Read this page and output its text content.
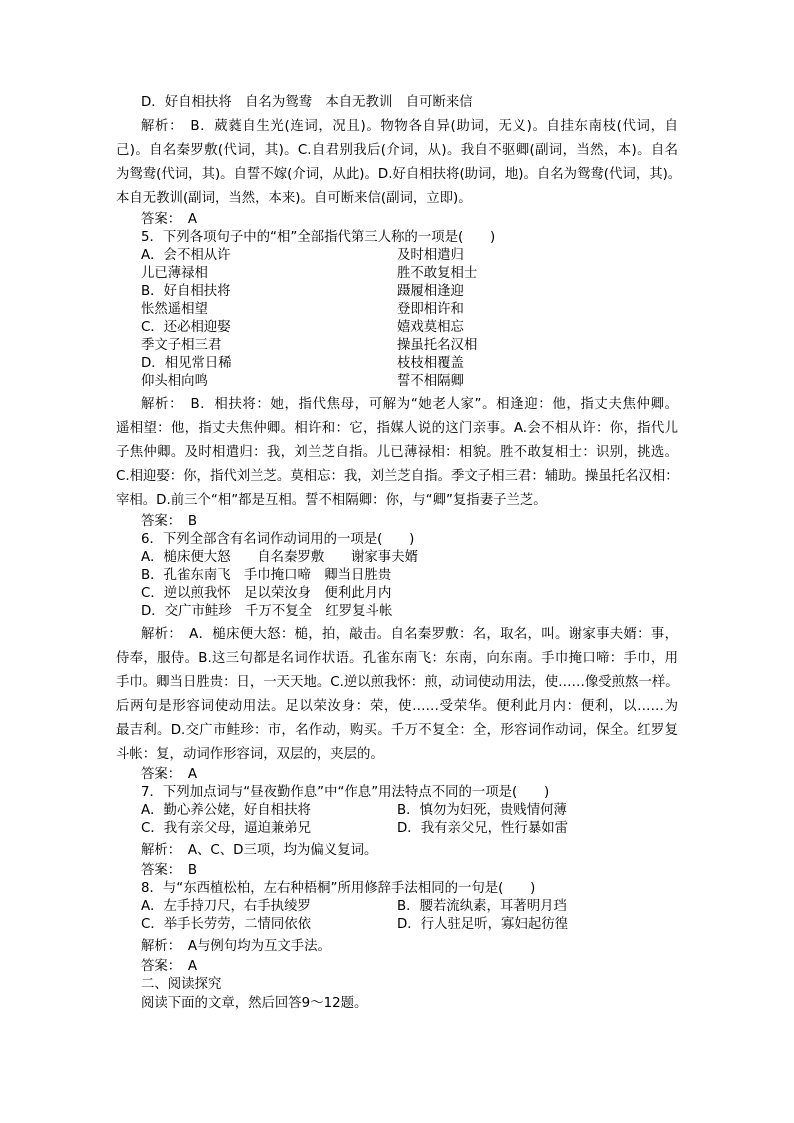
D．好自相扶将　自名为鸳鸯　本自无教训　自可断来信
解析：　B．葳蕤自生光(连词，况且)。物物各自异(助词，无义)。自挂东南枝(代词，自
己)。自名秦罗敷(代词，其)。C.自君别我后(介词，从)。我自不驱卿(副词，当然，本)。自名
为鸳鸯(代词，其)。自誓不嫁(介词，从此)。D.好自相扶将(助词，地)。自名为鸳鸯(代词，其)。
本自无教训(副词，当然，本来)。自可断来信(副词，立即)。
答案：　A
5．下列各项句子中的“相”全部指代第三人称的一项是(　　)
A．会不相从许	及时相遣归
儿已薄禄相	胜不敢复相士
B．好自相扶将	蹑履相逢迎
怅然遥相望	登即相许和
C．还必相迎娶	嬉戏莫相忘
季文子相三君	操虽托名汉相
D．相见常日稀	枝枝相覆盖
仰头相向鸣	誓不相隔卿
解析：　B．相扶将：她，指代焦母，可解为“她老人家”。相逢迎：他，指丈夫焦仲卿。
遥相望：他，指丈夫焦仲卿。相许和：它，指媒人说的这门亲事。A.会不相从许：你，指代儿
子焦仲卿。及时相遣归：我，刘兰芝自指。儿已薄禄相：相貌。胜不敢复相士：识别，挑选。
C.相迎娶：你，指代刘兰芝。莫相忘：我，刘兰芝自指。季文子相三君：辅助。操虽托名汉相：
宰相。D.前三个“相”都是互相。誓不相隔卿：你，与“卿”复指妻子兰芝。
答案：　B
6．下列全部含有名词作动词用的一项是(　　)
A．槌床便大怒　　自名秦罗敷　　谢家事夫婿
B．孔雀东南飞　手巾掩口啼　卿当日胜贵
C．逆以煎我怀　足以荣汝身　便利此月内
D．交广市鲑珍　千万不复全　红罗复斗帐
解析：　A．槌床便大怒：槌，拍，敲击。自名秦罗敷：名，取名，叫。谢家事夫婿：事，
侍奉，服侍。B.这三句都是名词作状语。孔雀东南飞：东南，向东南。手巾掩口啼：手巾，用
手巾。卿当日胜贵：日，一天天地。C.逆以煎我怀：煎，动词使动用法，使……像受煎熬一样。
后两句是形容词使动用法。足以荣汝身：荣，使……受荣华。便利此月内：便利，以……为
最吉利。D.交广市鲑珍：市，名作动，购买。千万不复全：全，形容词作动词，保全。红罗复
斗帐：复，动词作形容词，双层的，夹层的。
答案：　A
7．下列加点词与“昼夜勤作息”中“作息”用法特点不同的一项是(　　)
A．勤心养公姥，好自相扶将	B．慎勿为妇死，贵贱情何薄
C．我有亲父母，逼迫兼弟兄	D．我有亲父兄，性行暴如雷
解析：　A、C、D三项，均为偏义复词。
答案：　B
8．与“东西植松柏，左右种梧桐”所用修辞手法相同的一句是(　　)
A．左手持刀尺，右手执绫罗	B．腰若流纨素，耳著明月珰
C．举手长劳劳，二情同依依	D．行人驻足听，寡妇起彷徨
解析：　A与例句均为互文手法。
答案：　A
二、阅读探究
阅读下面的文章，然后回答9～12题。
